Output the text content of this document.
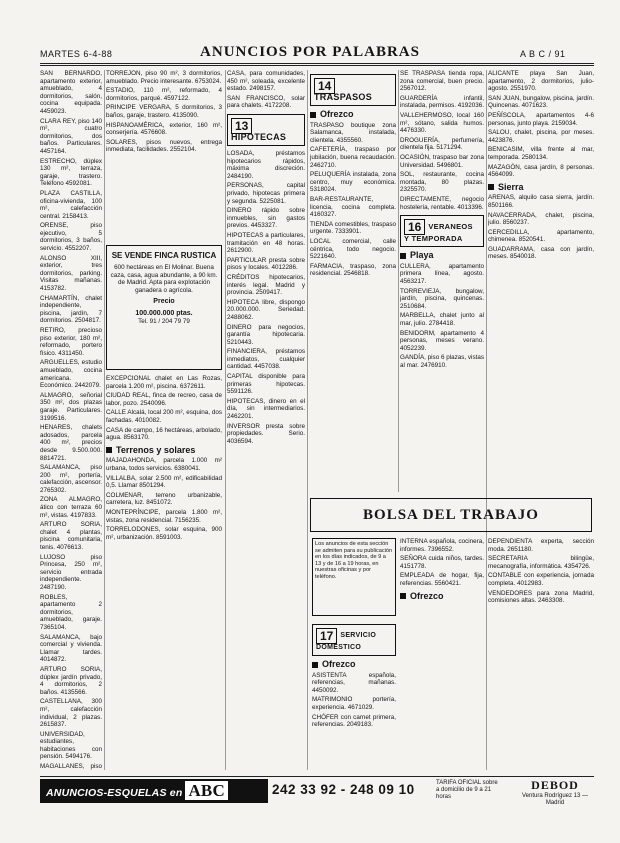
MARTES 6-4-88	ANUNCIOS POR PALABRAS	A B C / 91

SAN BERNARDO, apartamento exterior, amueblado, 4 dormitorios, salón, cocina equipada. 4459023.

CLARA REY, piso 140 m², cuatro dormitorios, dos baños. Particulares. 4457164.

ESTRECHO, dúplex 130 m², terraza, garaje, trastero. Teléfono 4592081.

PLAZA CASTILLA, oficina-vivienda, 100 m², calefacción central. 2158413.

ORENSE, piso ejecutivo, 5 dormitorios, 3 baños, servicio. 4552207.

ALONSO XIII, exterior, tres dormitorios, parking. Visitas mañanas. 4153782.

CHAMARTÍN, chalet independiente, piscina, jardín, 7 dormitorios. 2504817.

RETIRO, precioso piso exterior, 180 m², reformado, portero físico. 4311450.

ARGUELLES, estudio amueblado, cocina americana. Económico. 2442079.

ALMAGRO, señorial 350 m², dos plazas garaje. Particulares. 3199516.

HENARES, chalets adosados, parcela 400 m², precios desde 9.500.000. 8814721.

SALAMANCA, piso 200 m², portería, calefacción, ascensor. 2765302.

ZONA ALMAGRO, ático con terraza 60 m², vistas. 4197833.

ARTURO SORIA, chalet 4 plantas, piscina comunitaria, tenis. 4076613.

LUJOSO piso Princesa, 250 m², servicio entrada independiente. 2487190.

ROBLES, apartamento 2 dormitorios, amueblado, garaje. 7365104.

SALAMANCA, bajo comercial y vivienda. Llamar tardes. 4014872.

ARTURO SORIA, dúplex jardín privado, 4 dormitorios, 2 baños. 4135566.

CASTELLANA, 300 m², calefacción individual, 2 plazas. 2615837.

UNIVERSIDAD, estudiantes, habitaciones con pensión. 5494176.

MAGALLANES, piso

TORREJÓN, piso 90 m², 3 dormitorios, amueblado. Precio interesante. 6753024.

ESTADIO, 110 m², reformado, 4 dormitorios, parqué. 4597122.

PRINCIPE VERGARA, 5 dormitorios, 3 baños, garaje, trastero. 4135090.

HISPANOAMÉRICA, exterior, 160 m², conserjería. 4576608.

SOLARES, pisos nuevos, entrega inmediata, facilidades. 2552104.

SE VENDE FINCA RUSTICA
600 hectáreas en El Molinar. Buena caza, casa, agua abundante, a 90 km. de Madrid. Apta para explotación ganadera o agrícola.
Precio
100.000.000 ptas.
Tel. 91 / 204 79 79

EXCEPCIONAL chalet en Las Rozas, parcela 1.200 m², piscina. 6372611.

CIUDAD REAL, finca de recreo, casa de labor, pozo. 2540096.

CALLE Alcalá, local 200 m², esquina, dos fachadas. 4010082.

CASA de campo, 16 hectáreas, arbolado, agua. 8563170.

Terrenos y solares

MAJADAHONDA, parcela 1.000 m² urbana, todos servicios. 6380041.

VILLALBA, solar 2.500 m², edificabilidad 0,5. Llamar 8501294.

COLMENAR, terreno urbanizable, carretera, luz. 8451072.

MONTEPRÍNCIPE, parcela 1.800 m², vistas, zona residencial. 7156235.

TORRELODONES, solar esquina, 900 m², urbanización. 8591003.

CASA, para comunidades, 450 m², soleada, excelente estado. 2498157.

SAN FRANCISCO, solar para chalets. 4172208.

13HIPOTECAS

LOSADA, préstamos hipotecarios rápidos, máxima discreción. 2484190.

PERSONAS, capital privado, hipotecas primera y segunda. 5225081.

DINERO rápido sobre inmuebles, sin gastos previos. 4453327.

HIPOTECAS a particulares, tramitación en 48 horas. 2612900.

PARTICULAR presta sobre pisos y locales. 4012286.

CRÉDITOS hipotecarios, interés legal. Madrid y provincia. 2509417.

HIPOTECA libre, dispongo 20.000.000. Seriedad. 2488062.

DINERO para negocios, garantía hipotecaria. 5210443.

FINANCIERA, préstamos inmediatos, cualquier cantidad. 4457038.

CAPITAL disponible para primeras hipotecas. 5591126.

HIPOTECAS, dinero en el día, sin intermediarios. 2462201.

INVERSOR presta sobre propiedades. Serio. 4036594.

14TRASPASOS
Ofrezco

TRASPASO boutique zona Salamanca, instalada, clientela. 4355560.

CAFETERÍA, traspaso por jubilación, buena recaudación. 2462710.

PELUQUERÍA instalada, zona centro, muy económica. 5318024.

BAR-RESTAURANTE, licencia, cocina completa. 4160327.

TIENDA comestibles, traspaso urgente. 7333901.

LOCAL comercial, calle céntrica, todo negocio. 5221640.

FARMACIA, traspaso, zona residencial. 2546818.

SE TRASPASA tienda ropa, zona comercial, buen precio. 2567012.

GUARDERÍA infantil, instalada, permisos. 4192036.

VALLEHERMOSO, local 160 m², sótano, salida humos. 4476330.

DROGUERÍA, perfumería, clientela fija. 5171294.

OCASIÓN, traspaso bar zona Universidad. 5496801.

SOL, restaurante, cocina montada, 80 plazas. 2325570.

DIRECTAMENTE, negocio hostelería, rentable. 4013396.

16 VERANEOS Y TEMPORADA
Playa

CULLERA, apartamento primera línea, agosto. 4563217.

TORREVIEJA, bungalow, jardín, piscina, quincenas. 2510684.

MARBELLA, chalet junto al mar, julio. 2784418.

BENIDORM, apartamento 4 personas, meses verano. 4052239.

GANDÍA, piso 6 plazas, vistas al mar. 2476910.

ALICANTE playa San Juan, apartamento, 2 dormitorios, julio-agosto. 2551970.

SAN JUAN, bungalow, piscina, jardín. Quincenas. 4071623.

PEÑÍSCOLA, apartamentos 4-6 personas, junto playa. 2159034.

SALOU, chalet, piscina, por meses. 4423876.

BENICASIM, villa frente al mar, temporada. 2580134.

MAZAGÓN, casa jardín, 8 personas. 4564099.

Sierra

ARENAS, alquilo casa sierra, jardín. 8501166.

NAVACERRADA, chalet, piscina, julio. 8560237.

CERCEDILLA, apartamento, chimenea. 8520541.

GUADARRAMA, casa con jardín, meses. 8540018.

BOLSA DEL TRABAJO
Los anuncios de esta sección se admiten para su publicación en los días indicados, de 9 a 13 y de 16 a 19 horas, en nuestras oficinas y por teléfono.
17 SERVICIO DOMÉSTICO
Ofrezco

ASISTENTA española, referencias, mañanas. 4450092.

MATRIMONIO portería, experiencia. 4671029.

CHÓFER con carnet primera, referencias. 2049183.

INTERNA española, cocinera, informes. 7396552.

SEÑORA cuida niños, tardes. 4151778.

EMPLEADA de hogar, fija, referencias. 5560421.

Ofrezco

DEPENDIENTA experta, sección moda. 2651180.

SECRETARIA bilingüe, mecanografía, informática. 4354726.

CONTABLE con experiencia, jornada completa. 4012983.

VENDEDORES para zona Madrid, comisiones altas. 2463308.

ANUNCIOS-ESQUELAS en ABC	242 33 92 - 248 09 10	TARIFA OFICIAL sobre a domicilio de 9 a 21 horas
DEBOD
Ventura Rodríguez 13 — Madrid
